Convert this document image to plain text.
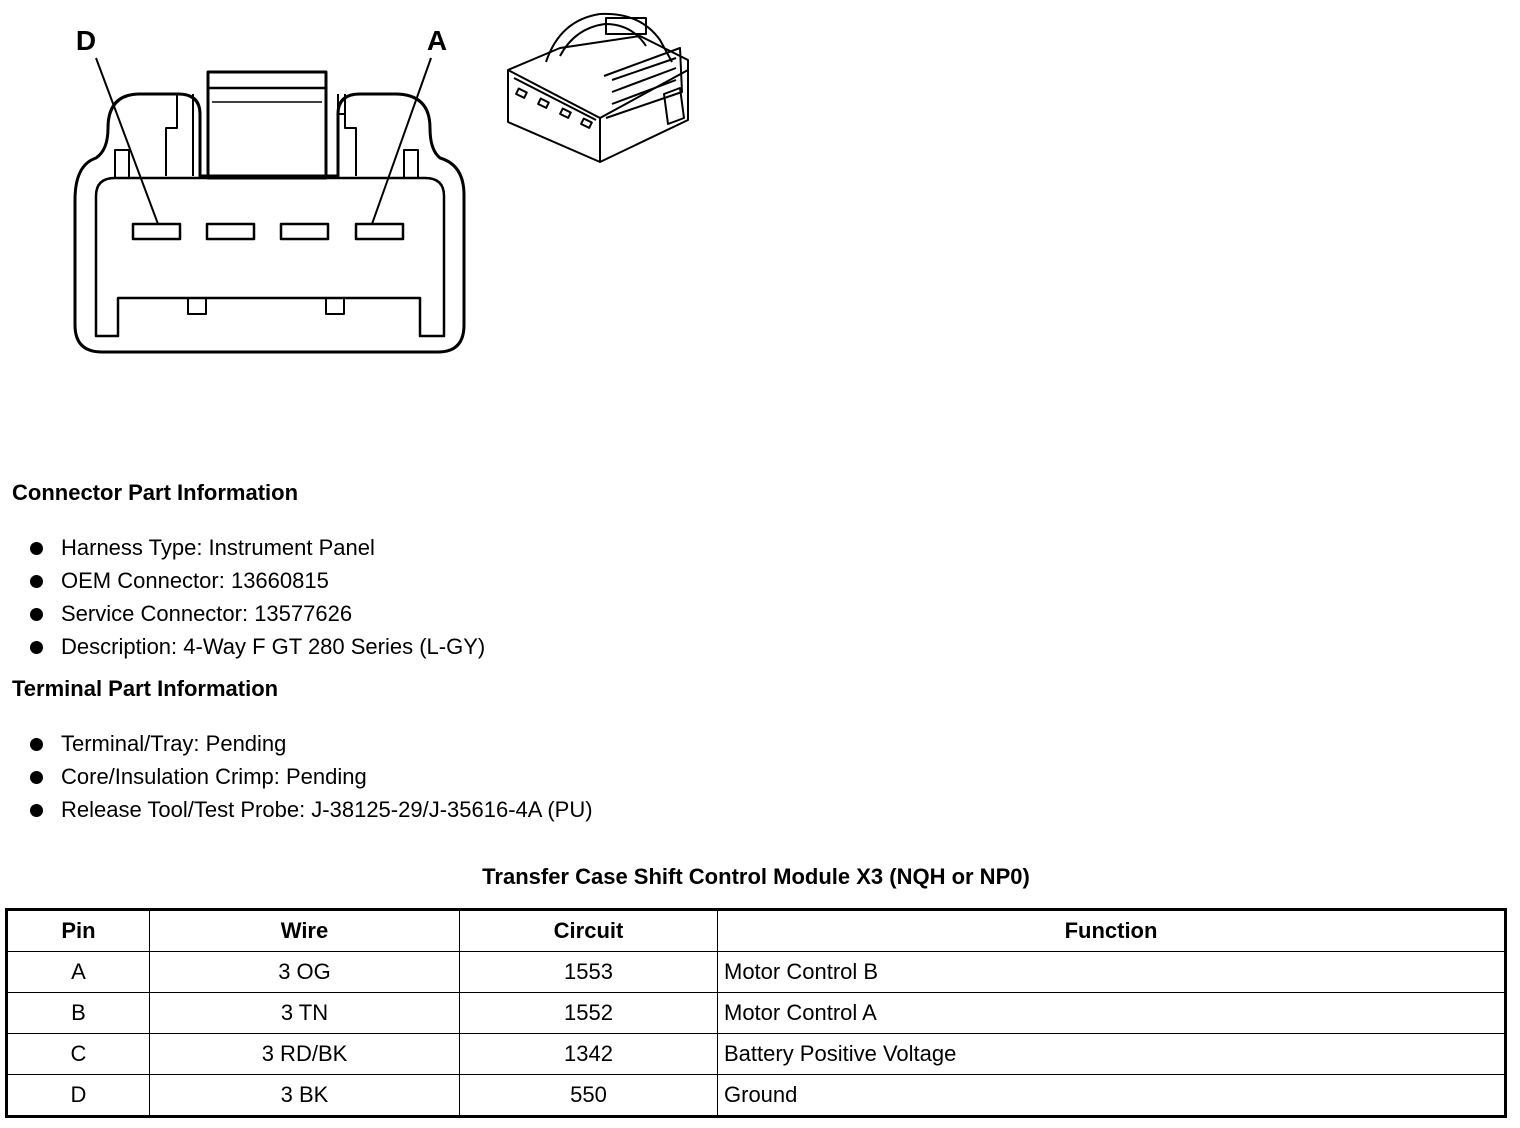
D	A
Connector Part Information
Harness Type: Instrument Panel
OEM Connector: 13660815
Service Connector: 13577626
Description: 4-Way F GT 280 Series (L-GY)
Terminal Part Information
Terminal/Tray: Pending
Core/Insulation Crimp: Pending
Release Tool/Test Probe: J-38125-29/J-35616-4A (PU)
Transfer Case Shift Control Module X3 (NQH or NP0)
Pin	Wire	Circuit	Function
A	3 OG	1553	Motor Control B
B	3 TN	1552	Motor Control A
C	3 RD/BK	1342	Battery Positive Voltage
D	3 BK	550	Ground
